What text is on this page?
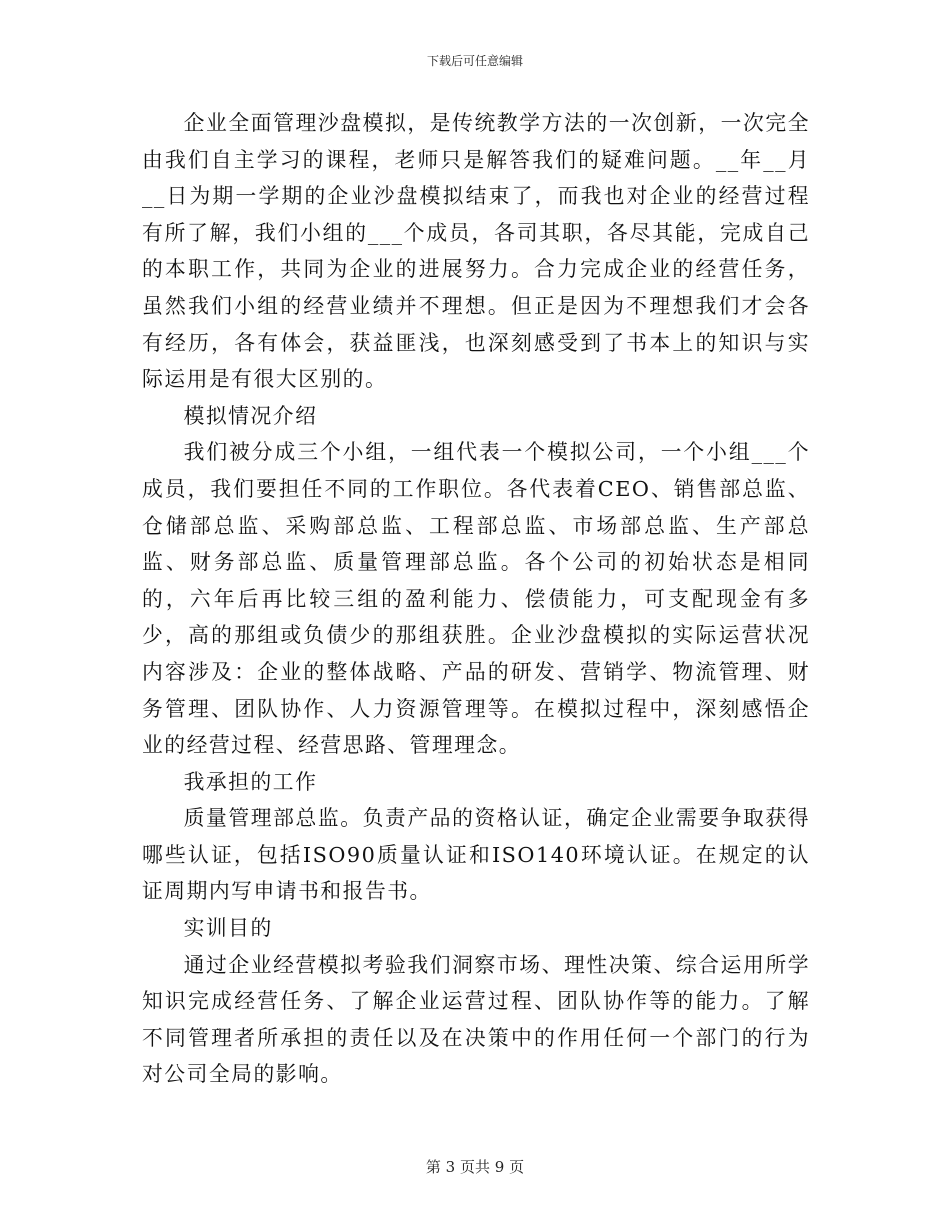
下载后可任意编辑

企业全面管理沙盘模拟，是传统教学方法的一次创新，一次完全由我们自主学习的课程，老师只是解答我们的疑难问题。__年__月__日为期一学期的企业沙盘模拟结束了，而我也对企业的经营过程有所了解，我们小组的___个成员，各司其职，各尽其能，完成自己的本职工作，共同为企业的进展努力。合力完成企业的经营任务，虽然我们小组的经营业绩并不理想。但正是因为不理想我们才会各有经历，各有体会，获益匪浅，也深刻感受到了书本上的知识与实际运用是有很大区别的。

模拟情况介绍

我们被分成三个小组，一组代表一个模拟公司，一个小组___个成员，我们要担任不同的工作职位。各代表着CEO、销售部总监、仓储部总监、采购部总监、工程部总监、市场部总监、生产部总监、财务部总监、质量管理部总监。各个公司的初始状态是相同的，六年后再比较三组的盈利能力、偿债能力，可支配现金有多少，高的那组或负债少的那组获胜。企业沙盘模拟的实际运营状况内容涉及：企业的整体战略、产品的研发、营销学、物流管理、财务管理、团队协作、人力资源管理等。在模拟过程中，深刻感悟企业的经营过程、经营思路、管理理念。

我承担的工作

质量管理部总监。负责产品的资格认证，确定企业需要争取获得哪些认证，包括ISO90质量认证和ISO140环境认证。在规定的认证周期内写申请书和报告书。

实训目的

通过企业经营模拟考验我们洞察市场、理性决策、综合运用所学知识完成经营任务、了解企业运营过程、团队协作等的能力。了解不同管理者所承担的责任以及在决策中的作用任何一个部门的行为对公司全局的影响。

第 3 页共 9 页
